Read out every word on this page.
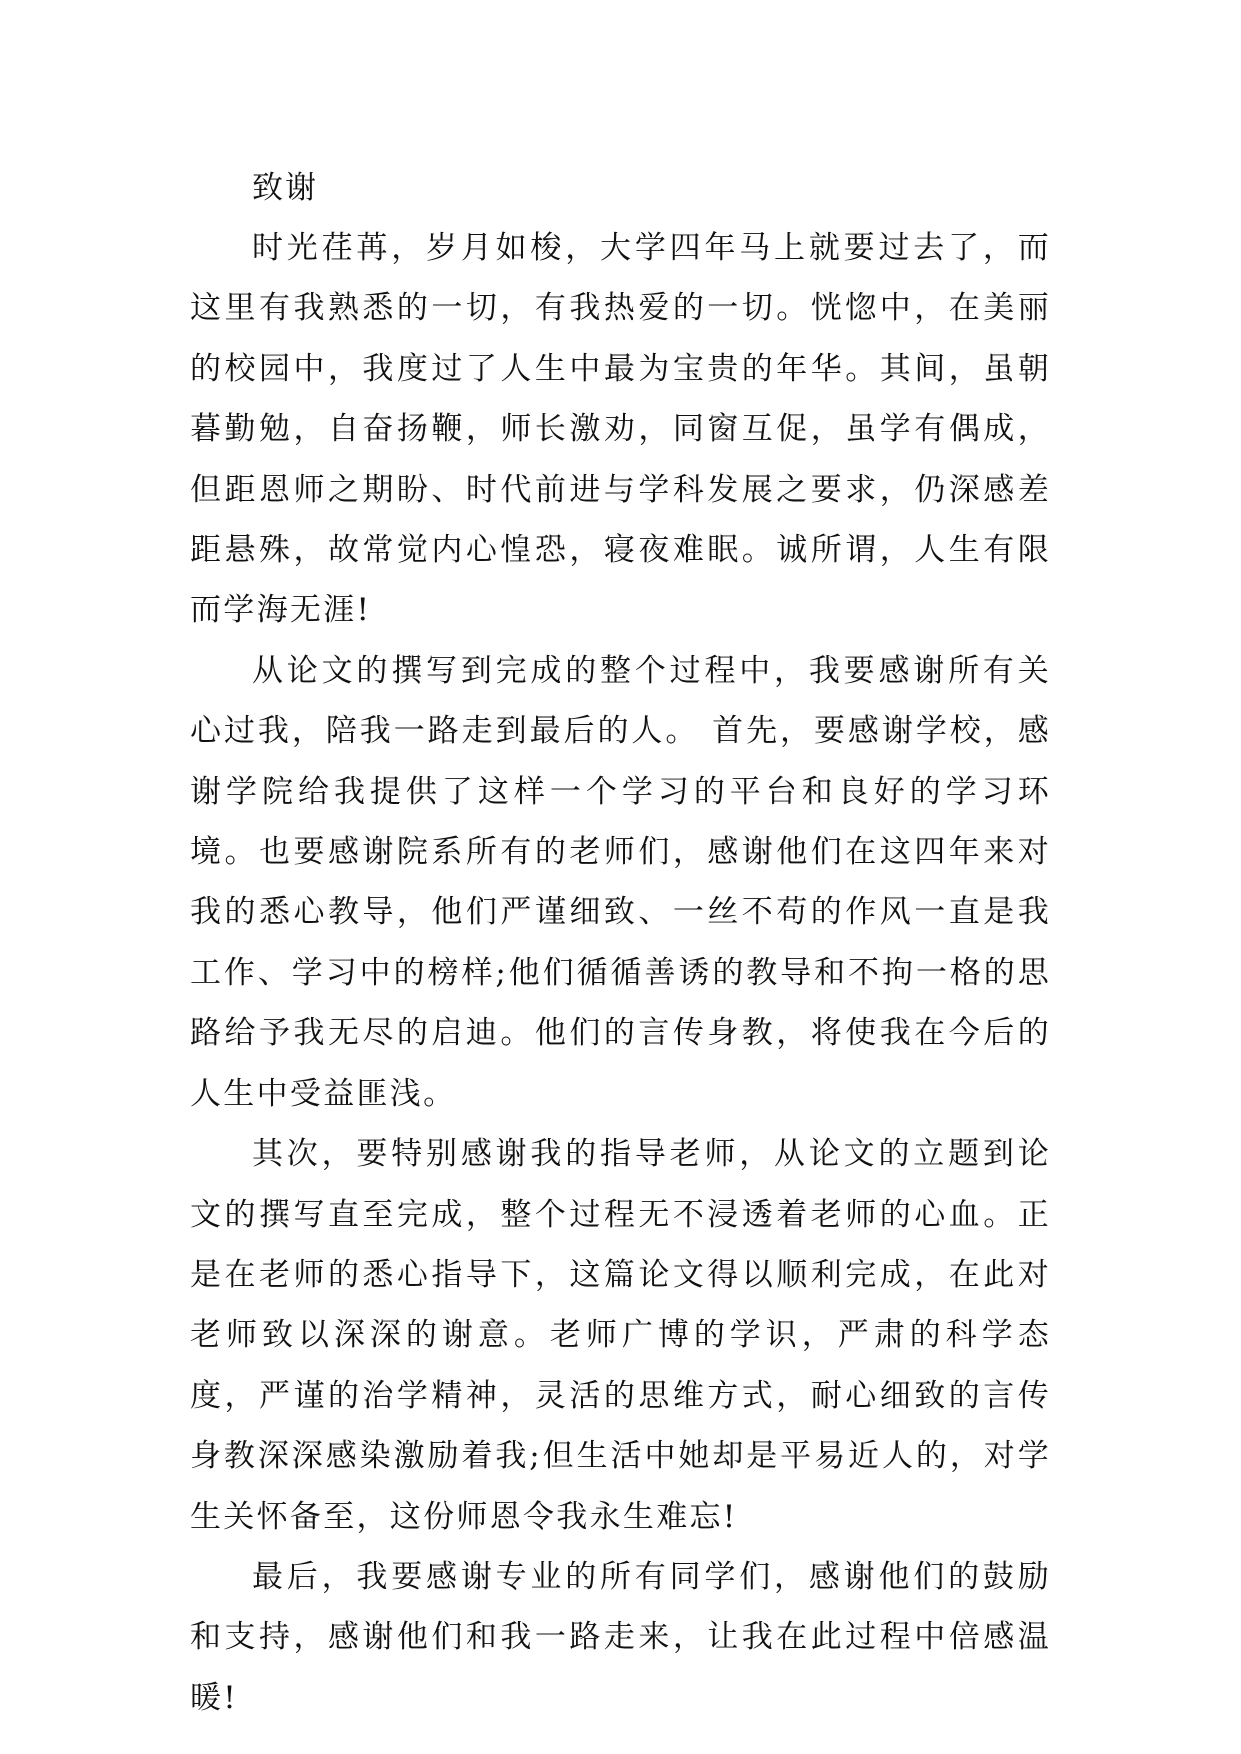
致谢

时光荏苒，岁月如梭，大学四年马上就要过去了，而这里有我熟悉的一切，有我热爱的一切。恍惚中，在美丽的校园中，我度过了人生中最为宝贵的年华。其间，虽朝暮勤勉，自奋扬鞭，师长激劝，同窗互促，虽学有偶成，但距恩师之期盼、时代前进与学科发展之要求，仍深感差距悬殊，故常觉内心惶恐，寝夜难眠。诚所谓，人生有限而学海无涯!

从论文的撰写到完成的整个过程中，我要感谢所有关心过我，陪我一路走到最后的人。 首先，要感谢学校，感谢学院给我提供了这样一个学习的平台和良好的学习环境。也要感谢院系所有的老师们，感谢他们在这四年来对我的悉心教导，他们严谨细致、一丝不苟的作风一直是我工作、学习中的榜样;他们循循善诱的教导和不拘一格的思路给予我无尽的启迪。他们的言传身教，将使我在今后的人生中受益匪浅。

其次，要特别感谢我的指导老师，从论文的立题到论文的撰写直至完成，整个过程无不浸透着老师的心血。正是在老师的悉心指导下，这篇论文得以顺利完成，在此对老师致以深深的谢意。老师广博的学识，严肃的科学态度，严谨的治学精神，灵活的思维方式，耐心细致的言传身教深深感染激励着我;但生活中她却是平易近人的，对学生关怀备至，这份师恩令我永生难忘!

最后，我要感谢专业的所有同学们，感谢他们的鼓励和支持，感谢他们和我一路走来，让我在此过程中倍感温暖!
